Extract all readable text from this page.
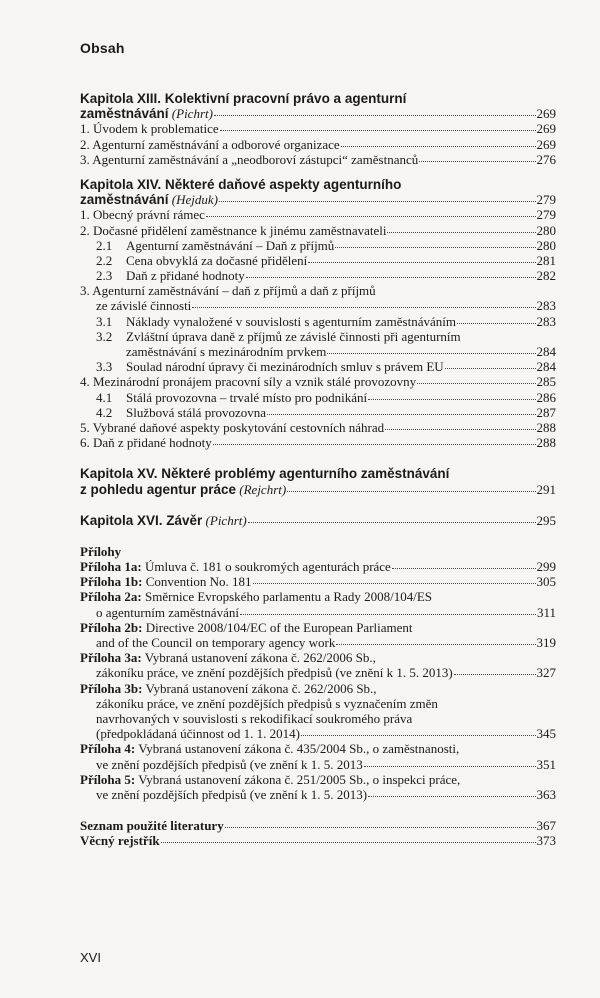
Obsah
Kapitola XIII. Kolektivní pracovní právo a agenturní
zaměstnávání (Pichrt)	269
1. Úvodem k problematice	269
2. Agenturní zaměstnávání a odborové organizace	269
3. Agenturní zaměstnávání a „neodboroví zástupci“ zaměstnanců	276
Kapitola XIV. Některé daňové aspekty agenturního
zaměstnávání (Hejduk)	279
1. Obecný právní rámec	279
2. Dočasné přidělení zaměstnance k jinému zaměstnavateli	280
2.1 Agenturní zaměstnávání – Daň z příjmů	280
2.2 Cena obvyklá za dočasné přidělení	281
2.3 Daň z přidané hodnoty	282
3. Agenturní zaměstnávání – daň z příjmů a daň z příjmů
ze závislé činnosti	283
3.1 Náklady vynaložené v souvislosti s agenturním zaměstnáváním	283
3.2 Zvláštní úprava daně z příjmů ze závislé činnosti při agenturním
zaměstnávání s mezinárodním prvkem	284
3.3 Soulad národní úpravy či mezinárodních smluv s právem EU	284
4. Mezinárodní pronájem pracovní síly a vznik stálé provozovny	285
4.1 Stálá provozovna – trvalé místo pro podnikání	286
4.2 Službová stálá provozovna	287
5. Vybrané daňové aspekty poskytování cestovních náhrad	288
6. Daň z přidané hodnoty	288
Kapitola XV. Některé problémy agenturního zaměstnávání
z pohledu agentur práce (Rejchrt)	291
Kapitola XVI. Závěr (Pichrt)	295
Přílohy
Příloha 1a: Úmluva č. 181 o soukromých agenturách práce	299
Příloha 1b: Convention No. 181	305
Příloha 2a: Směrnice Evropského parlamentu a Rady 2008/104/ES
o agenturním zaměstnávání	311
Příloha 2b: Directive 2008/104/EC of the European Parliament
and of the Council on temporary agency work	319
Příloha 3a: Vybraná ustanovení zákona č. 262/2006 Sb.,
zákoníku práce, ve znění pozdějších předpisů (ve znění k 1. 5. 2013)	327
Příloha 3b: Vybraná ustanovení zákona č. 262/2006 Sb.,
zákoníku práce, ve znění pozdějších předpisů s vyznačením změn
navrhovaných v souvislosti s rekodifikací soukromého práva
(předpokládaná účinnost od 1. 1. 2014)	345
Příloha 4: Vybraná ustanovení zákona č. 435/2004 Sb., o zaměstnanosti,
ve znění pozdějších předpisů (ve znění k 1. 5. 2013	351
Příloha 5: Vybraná ustanovení zákona č. 251/2005 Sb., o inspekci práce,
ve znění pozdějších předpisů (ve znění k 1. 5. 2013)	363
Seznam použité literatury	367
Věcný rejstřík	373
XVI
